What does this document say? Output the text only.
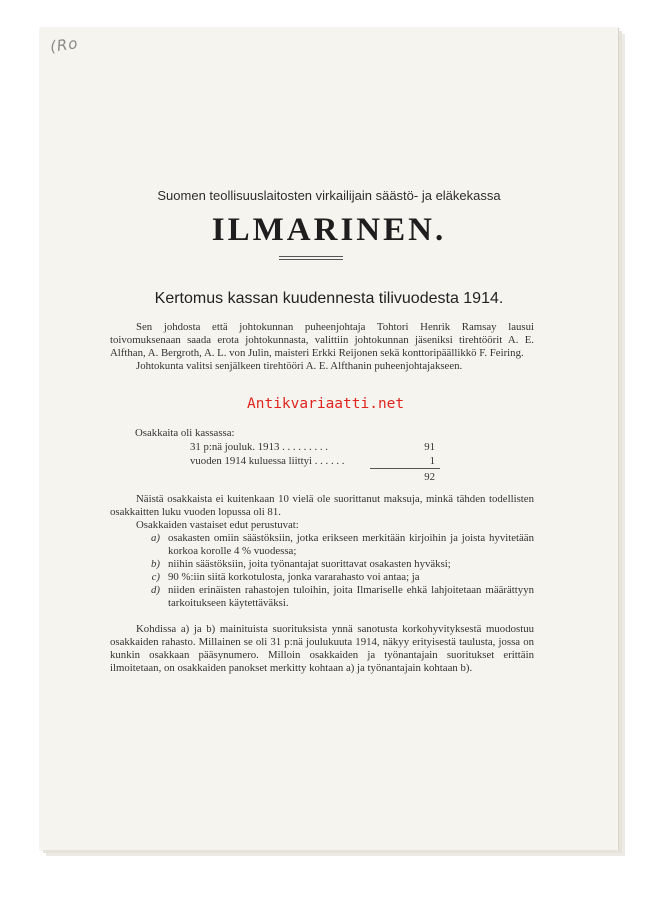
(Ro
Suomen teollisuuslaitosten virkailijain säästö- ja eläkekassa
ILMARINEN.
Kertomus kassan kuudennesta tilivuodesta 1914.

Sen johdosta että johtokunnan puheenjohtaja Tohtori Henrik Ramsay lausui toivomuksenaan saada erota johtokunnasta, valittiin johtokunnan jäseniksi tirehtöörit A. E. Alfthan, A. Bergroth, A. L. von Julin, maisteri Erkki Reijonen sekä konttoripäällikkö F. Feiring.

Johtokunta valitsi senjälkeen tirehtööri A. E. Alfthanin puheenjohtajakseen.

Antikvariaatti.net
Osakkaita oli kassassa:
31 p:nä jouluk. 1913 . . . . . . . . .	91
vuoden 1914 kuluessa liittyi . . . . . .	1
92

Näistä osakkaista ei kuitenkaan 10 vielä ole suorittanut maksuja, minkä tähden todellisten osakkaitten luku vuoden lopussa oli 81.

Osakkaiden vastaiset edut perustuvat:

a) osakasten omiin säästöksiin, jotka erikseen merkitään kirjoihin ja joista hyvitetään korkoa korolle 4 % vuodessa;
b) niihin säästöksiin, joita työnantajat suorittavat osakasten hyväksi;
c) 90 %:iin siitä korkotulosta, jonka vararahasto voi antaa; ja
d) niiden erinäisten rahastojen tuloihin, joita Ilmariselle ehkä lahjoitetaan määrättyyn tarkoitukseen käytettäväksi.

Kohdissa a) ja b) mainituista suorituksista ynnä sanotusta korkohyvityksestä muodostuu osakkaiden rahasto. Millainen se oli 31 p:nä joulukuuta 1914, näkyy erityisestä taulusta, jossa on kunkin osakkaan pääsynumero. Milloin osakkaiden ja työnantajain suoritukset erittäin ilmoitetaan, on osakkaiden panokset merkitty kohtaan a) ja työnantajain kohtaan b).
